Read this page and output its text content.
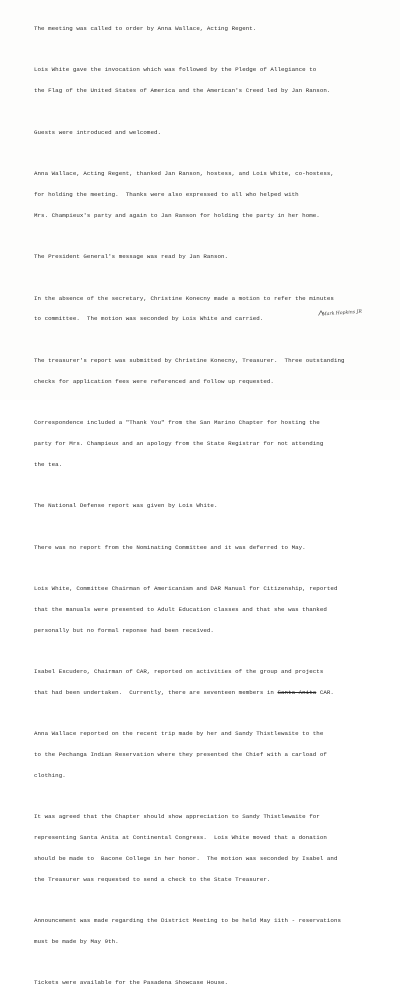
The meeting was called to order by Anna Wallace, Acting Regent.

Lois White gave the invocation which was followed by the Pledge of Allegiance to

the Flag of the United States of America and the American's Creed led by Jan Ranson.

Guests were introduced and welcomed.

Anna Wallace, Acting Regent, thanked Jan Ranson, hostess, and Lois White, co-hostess,

for holding the meeting.  Thanks were also expressed to all who helped with

Mrs. Champieux's party and again to Jan Ranson for holding the party in her home.

The President General's message was read by Jan Ranson.

In the absence of the secretary, Christine Konecny made a motion to refer the minutes

to committee.  The motion was seconded by Lois White and carried.

The treasurer's report was submitted by Christine Konecny, Treasurer.  Three outstanding

checks for application fees were referenced and follow up requested.

Correspondence included a "Thank You" from the San Marino Chapter for hosting the

party for Mrs. Champieux and an apology from the State Registrar for not attending

the tea.

The National Defense report was given by Lois White.

There was no report from the Nominating Committee and it was deferred to May.

Lois White, Committee Chairman of Americanism and DAR Manual for Citizenship, reported

that the manuals were presented to Adult Education classes and that she was thanked

personally but no formal reponse had been received.

Isabel Escudero, Chairman of CAR, reported on activities of the group and projects

that had been undertaken.  Currently, there are seventeen members in Santa Anita CAR.

Anna Wallace reported on the recent trip made by her and Sandy Thistlewaite to the

to the Pechanga Indian Reservation where they presented the Chief with a carload of

clothing.

It was agreed that the Chapter should show appreciation to Sandy Thistlewaite for

representing Santa Anita at Continental Congress.  Lois White moved that a donation

should be made to  Bacone College in her honor.  The motion was seconded by Isabel and

the Treasurer was requested to send a check to the State Treasurer.

Announcement was made regarding the District Meeting to be held May 11th - reservations

must be made by May 9th.

Tickets were available for the Pasadena Showcase House.

Mark Hopkins JR
